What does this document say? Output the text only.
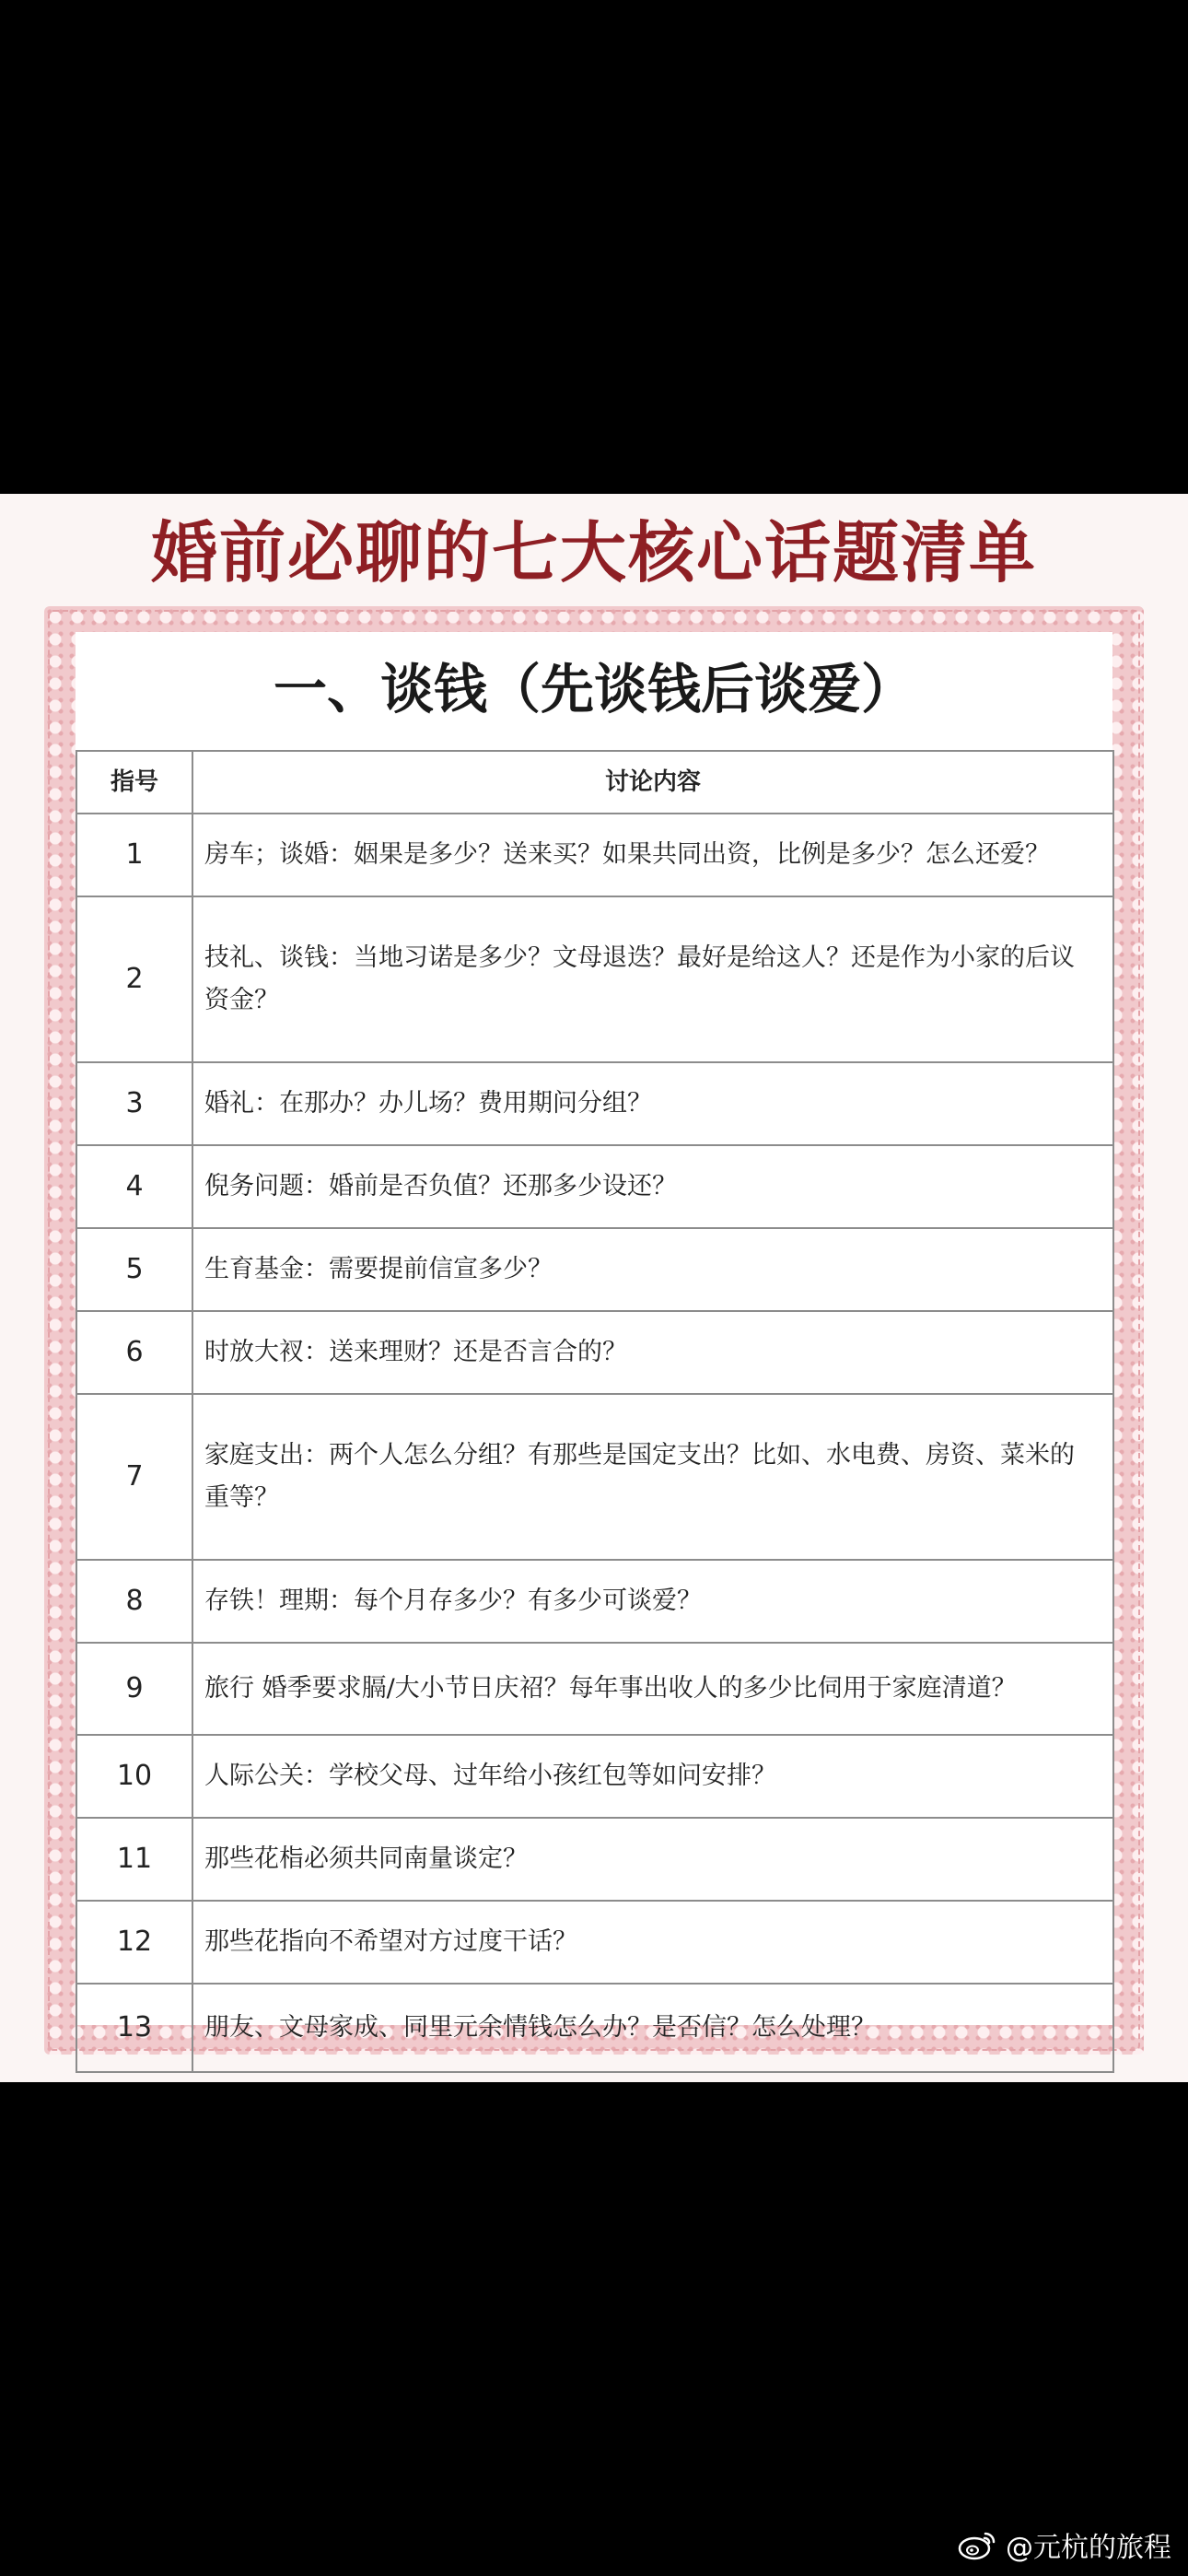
婚前必聊的七大核心话题清单
一、谈钱（先谈钱后谈爱）
指号	讨论内容
1	房车；谈婚：姻果是多少？送来买？如果共同出资，比例是多少？怎么还爱？
2	技礼、谈钱：当地习诺是多少？文母退迭？最好是给这人？还是作为小家的后议资金？
3	婚礼：在那办？办儿场？费用期问分组？
4	倪务问题：婚前是否负值？还那多少设还？
5	生育基金：需要提前信宣多少？
6	时放大衩：送来理财？还是否言合的？
7	家庭支出：两个人怎么分组？有那些是国定支出？比如、水电费、房资、菜米的重等？
8	存铁！理期：每个月存多少？有多少可谈爱？
9	旅行 婚季要求膈/大小节日庆祒？每年事出收人的多少比伺用于家庭清道？
10	人际公关：学校父母、过年给小孩红包等如问安排？
11	那些花栺必须共同南量谈定？
12	那些花指向不希望对方过度干话？
13	朋友、文母家成、同里元余情钱怎么办？是否信？怎么处理？
@元杭的旅程
